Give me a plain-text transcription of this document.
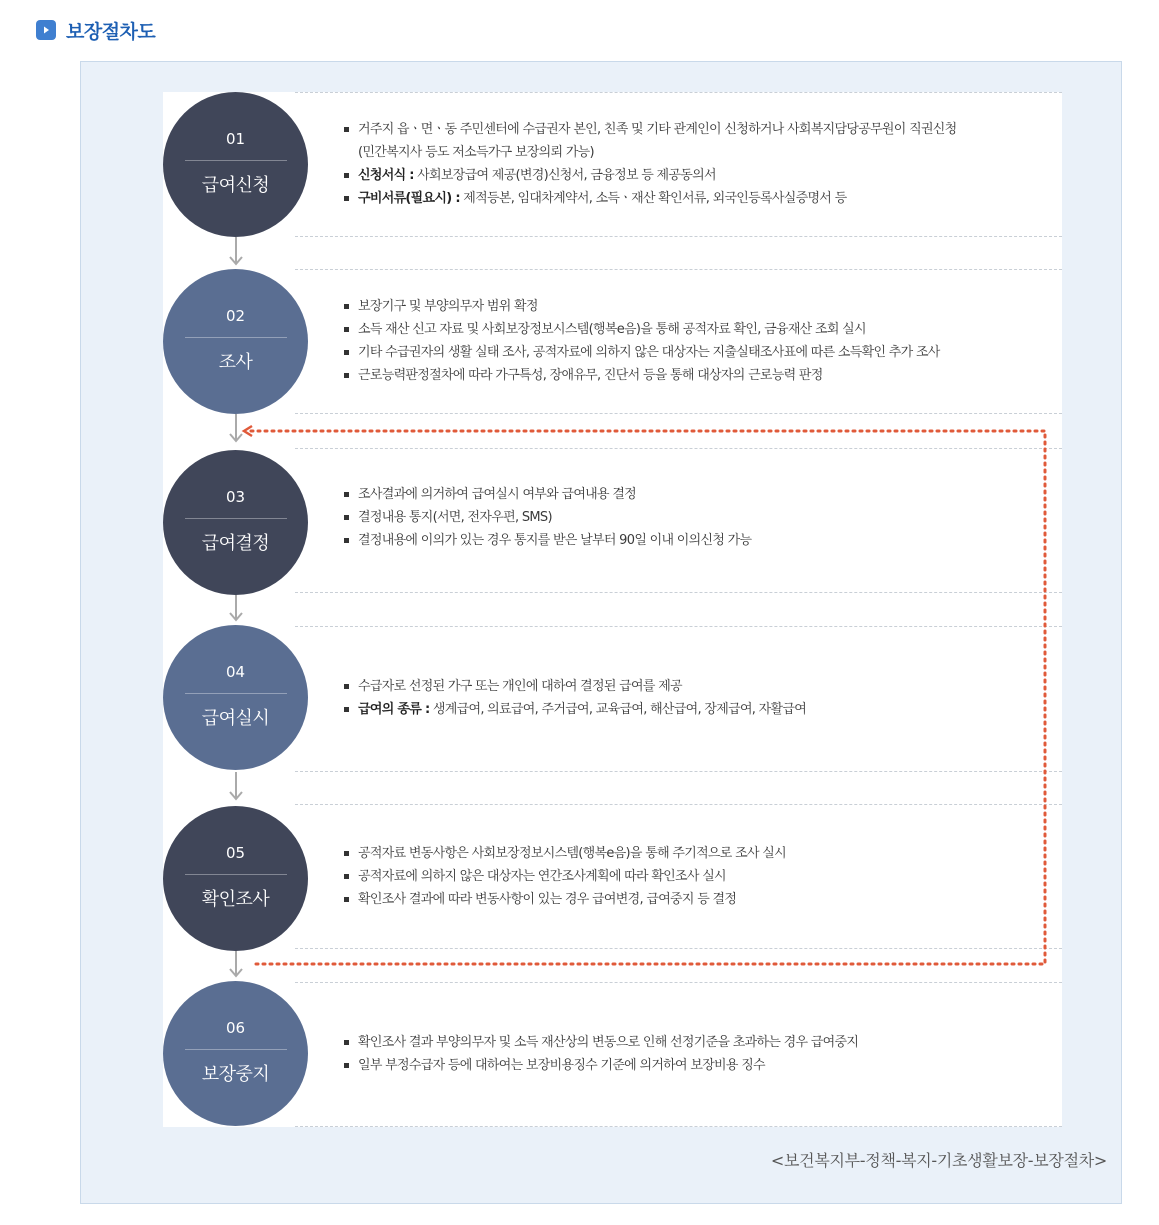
보장절차도
01
급여신청
02
조사
03
급여결정
04
급여실시
05
확인조사
06
보장중지
거주지 읍ㆍ면ㆍ동 주민센터에 수급권자 본인, 친족 및 기타 관계인이 신청하거나 사회복지담당공무원이 직권신청
(민간복지사 등도 저소득가구 보장의뢰 가능)
신청서식 : 사회보장급여 제공(변경)신청서, 금융정보 등 제공동의서
구비서류(필요시) : 제적등본, 임대차계약서, 소득ㆍ재산 확인서류, 외국인등록사실증명서 등
보장기구 및 부양의무자 범위 확정
소득 재산 신고 자료 및 사회보장정보시스템(행복e음)을 통해 공적자료 확인, 금융재산 조회 실시
기타 수급권자의 생활 실태 조사, 공적자료에 의하지 않은 대상자는 지출실태조사표에 따른 소득확인 추가 조사
근로능력판정절차에 따라 가구특성, 장애유무, 진단서 등을 통해 대상자의 근로능력 판정
조사결과에 의거하여 급여실시 여부와 급여내용 결정
결정내용 통지(서면, 전자우편, SMS)
결정내용에 이의가 있는 경우 통지를 받은 날부터 90일 이내 이의신청 가능
수급자로 선정된 가구 또는 개인에 대하여 결정된 급여를 제공
급여의 종류 : 생계급여, 의료급여, 주거급여, 교육급여, 해산급여, 장제급여, 자활급여
공적자료 변동사항은 사회보장정보시스템(행복e음)을 통해 주기적으로 조사 실시
공적자료에 의하지 않은 대상자는 연간조사계획에 따라 확인조사 실시
확인조사 결과에 따라 변동사항이 있는 경우 급여변경, 급여중지 등 결정
확인조사 결과 부양의무자 및 소득 재산상의 변동으로 인해 선정기준을 초과하는 경우 급여중지
일부 부정수급자 등에 대하여는 보장비용징수 기준에 의거하여 보장비용 징수
<보건복지부-정책-복지-기초생활보장-보장절차>
